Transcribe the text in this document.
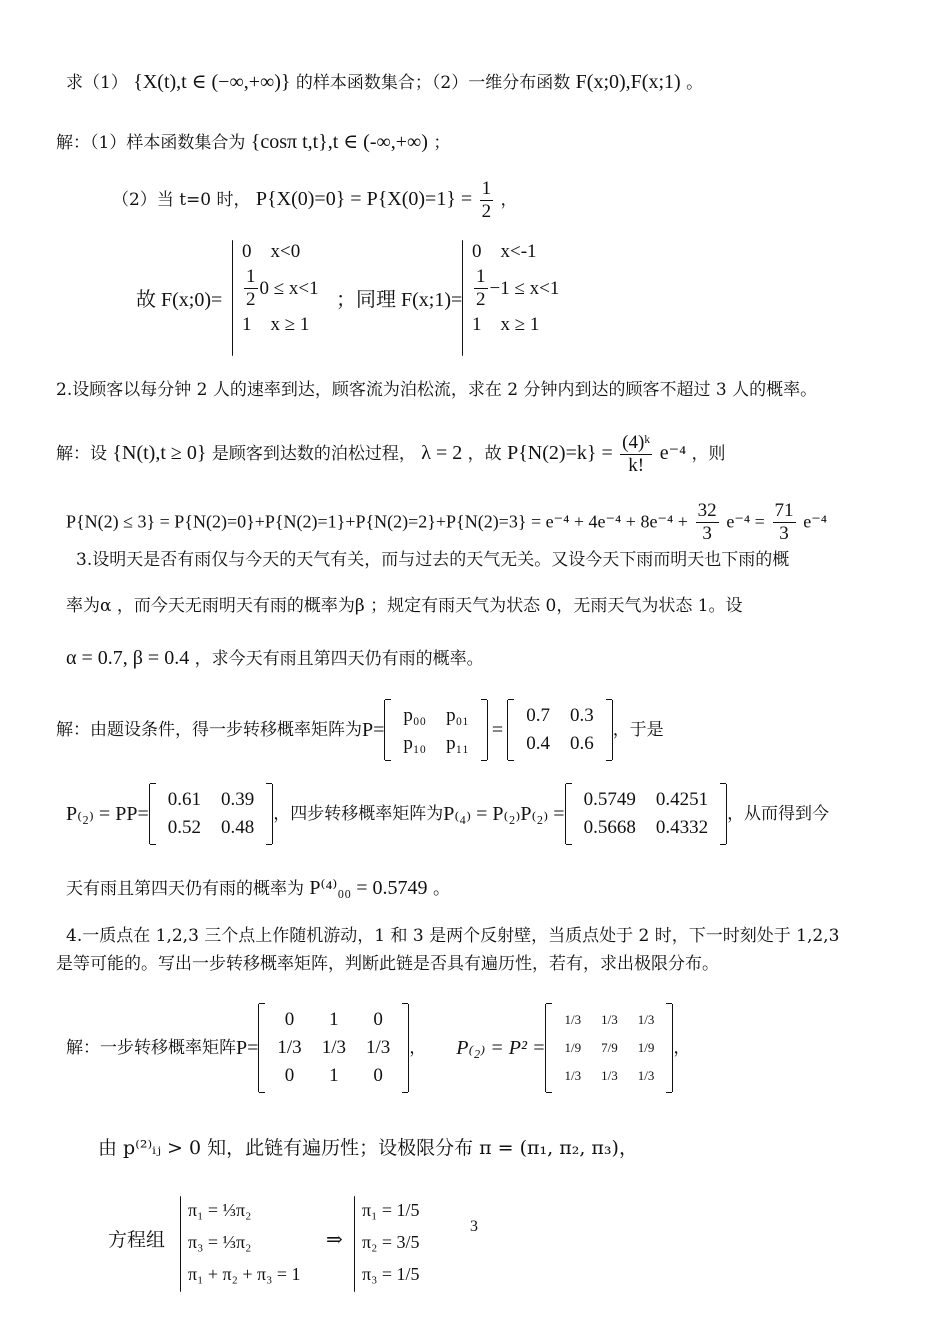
求（1） {X(t),t ∈ (−∞,+∞)} 的样本函数集合；（2）一维分布函数 F(x;0),F(x;1) 。
解：（1）样本函数集合为 {cosπ t,t},t ∈ (-∞,+∞) ；
（2）当 t=0 时， $P\{X(0)=0\} = P\{X(0)=1\} = \frac{1}{2}$ ，
故 F(x;0)=
0    x<0
$\frac{1}{2} 0 \le x<1$
1    x ≥ 1
；同理 F(x;1)=
0    x<-1
$\frac{1}{2} -1 \le x<1$
1    x ≥ 1
2.设顾客以每分钟 2 人的速率到达，顾客流为泊松流，求在 2 分钟内到达的顾客不超过 3 人的概率。
解：设 {N(t),t ≥ 0} 是顾客到达数的泊松过程， λ = 2 ，故 $P\{N(2)=k\} = \frac{\text{(4)ᵏ}}{k!} e^{-4}$ ，则
$P\{N(2) \le 3\} = P\{N(2)=0\}+P\{N(2)=1\}+P\{N(2)=2\}+P\{N(2)=3\} = e^{-4} + 4e^{-4} + 8e^{-4} + \frac{32}{3} e^{-4} = \frac{71}{3} e^{-4}$
3.设明天是否有雨仅与今天的天气有关，而与过去的天气无关。又设今天下雨而明天也下雨的概
率为α ，而今天无雨明天有雨的概率为β ；规定有雨天气为状态 0，无雨天气为状态 1。设
α = 0.7, β = 0.4 ，求今天有雨且第四天仍有雨的概率。
解：由题设条件，得一步转移概率矩阵为 P=
p₀₀	p₀₁
p₁₀	p₁₁
=
0.7	0.3
0.4	0.6
，于是
P₍₂₎ = PP=
0.61	0.39
0.52	0.48
，四步转移概率矩阵为 P₍₄₎ = P₍₂₎P₍₂₎ =
0.5749	0.4251
0.5668	0.4332
，从而得到今
天有雨且第四天仍有雨的概率为 P⁽⁴⁾₀₀ = 0.5749 。
4.一质点在 1,2,3 三个点上作随机游动，1 和 3 是两个反射壁，当质点处于 2 时，下一时刻处于 1,2,3
是等可能的。写出一步转移概率矩阵，判断此链是否具有遍历性，若有，求出极限分布。
解：一步转移概率矩阵 P=
0	1	0
1/3	1/3	1/3
0	1	0
， P₍₂₎ = P² =
1/3	1/3	1/3
1/9	7/9	1/9
1/3	1/3	1/3
，
由 p⁽²⁾ᵢⱼ > 0 知，此链有遍历性；设极限分布 π = (π₁, π₂, π₃)，
方程组
π₁ = ⅓π₂
π₃ = ⅓π₂
π₁ + π₂ + π₃ = 1
⇒
π₁ = 1/5
π₂ = 3/5
π₃ = 1/5
3
